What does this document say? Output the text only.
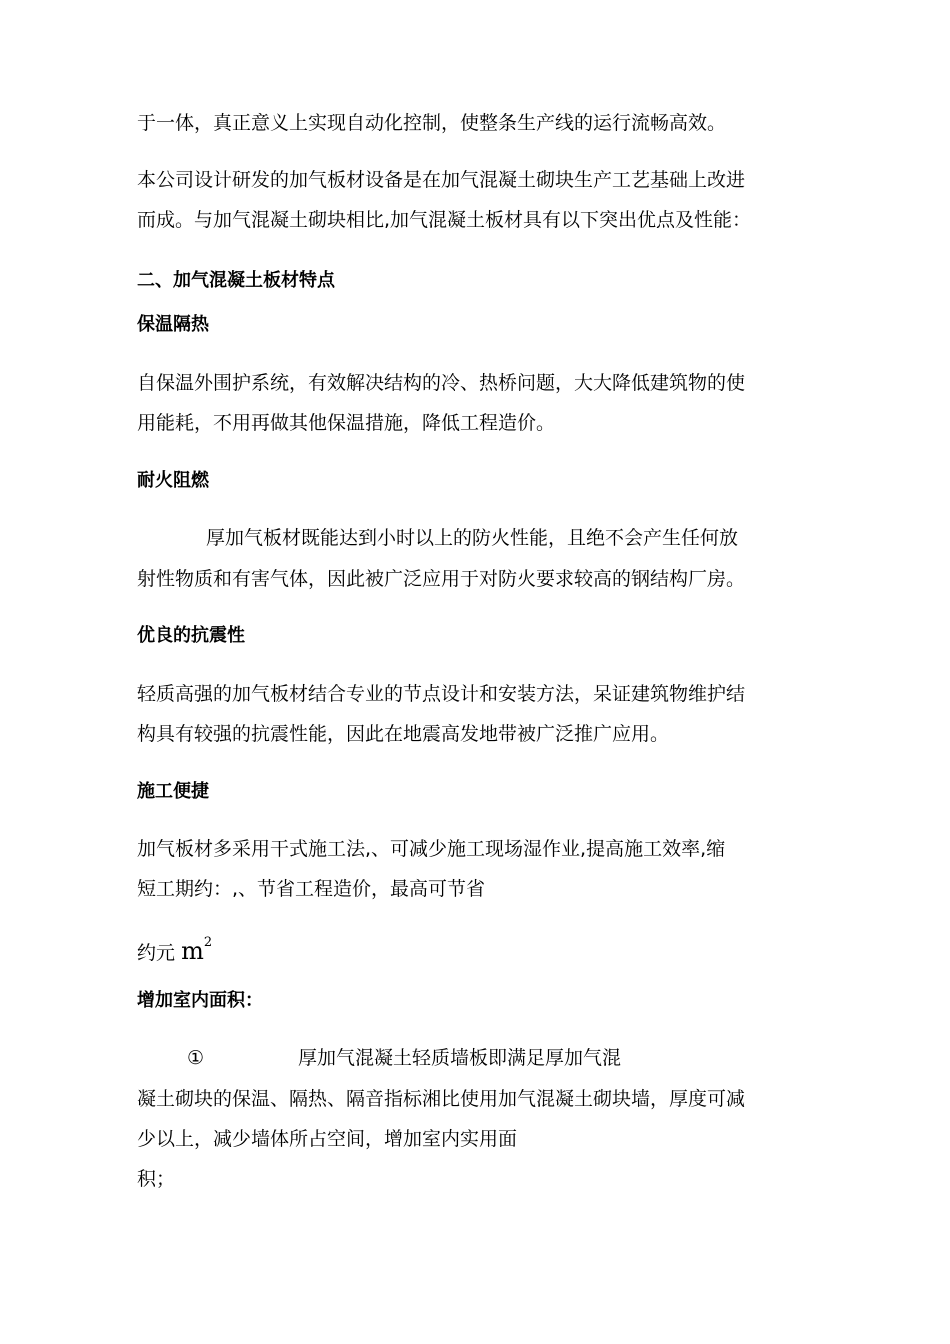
于一体，真正意义上实现自动化控制，使整条生产线的运行流畅高效。
本公司设计研发的加气板材设备是在加气混凝土砌块生产工艺基础上改进
而成。与加气混凝土砌块相比,加气混凝土板材具有以下突出优点及性能：
二、加气混凝土板材特点
保温隔热
自保温外围护系统，有效解决结构的冷、热桥问题，大大降低建筑物的使
用能耗，不用再做其他保温措施，降低工程造价。
耐火阻燃
厚加气板材既能达到小时以上的防火性能，且绝不会产生任何放
射性物质和有害气体，因此被广泛应用于对防火要求较高的钢结构厂房。
优良的抗震性
轻质高强的加气板材结合专业的节点设计和安装方法，呆证建筑物维护结
构具有较强的抗震性能，因此在地震高发地带被广泛推广应用。
施工便捷
加气板材多采用干式施工法,、可减少施工现场湿作业,提高施工效率,缩
短工期约：,、节省工程造价，最高可节省
约元 $m^2$
增加室内面积：
①	厚加气混凝土轻质墙板即满足厚加气混
凝土砌块的保温、隔热、隔音指标湘比使用加气混凝土砌块墙，厚度可减
少以上，减少墙体所占空间，增加室内实用面
积；
